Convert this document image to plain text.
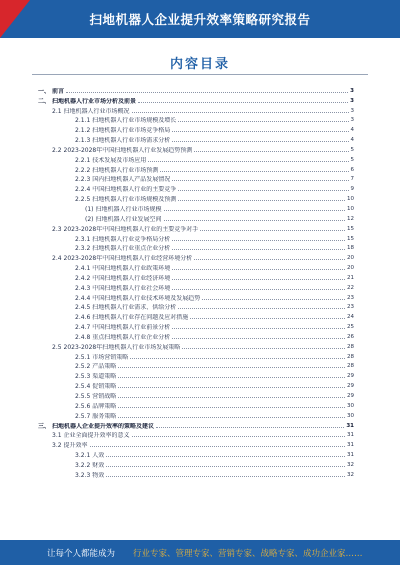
扫地机器人企业提升效率策略研究报告
内容目录
一、 前言	3
二、 扫地机器人行业市场分析及前景	3
2.1 扫地机器人行业市场概况	3
2.1.1 扫地机器人行业市场规模及增长	3
2.1.2 扫地机器人行业市场竞争格局	4
2.1.3 扫地机器人行业市场需求分析	4
2.2 2023-2028年中国扫地机器人行业发展趋势预测	5
2.2.1 技术发展及市场应用	5
2.2.2 扫地机器人行业市场预测	6
2.2.3 国内扫地机器人产品发展情况	7
2.2.4 中国扫地机器人行业的主要竞争	9
2.2.5 扫地机器人行业市场规模及预测	10
(1) 扫地机器人行业市场规模	10
(2) 扫地机器人行业发展空间	12
2.3 2023-2028年中国扫地机器人行业的主要竞争对手	15
2.3.1 扫地机器人行业竞争格局分析	15
2.3.2 扫地机器人行业重点企业分析	18
2.4 2023-2028年中国扫地机器人行业经营环境分析	20
2.4.1 中国扫地机器人行业政策环境	20
2.4.2 中国扫地机器人行业经济环境	21
2.4.3 中国扫地机器人行业社会环境	22
2.4.4 中国扫地机器人行业技术环境及发展趋势	23
2.4.5 扫地机器人行业需求、供给分析	23
2.4.6 扫地机器人行业存在问题及应对措施	24
2.4.7 中国扫地机器人行业前景分析	25
2.4.8 重点扫地机器人行业企业分析	26
2.5 2023-2028年扫地机器人行业市场发展策略	28
2.5.1 市场营销策略	28
2.5.2 产品策略	28
2.5.3 渠道策略	29
2.5.4 促销策略	29
2.5.5 营销战略	29
2.5.6 品牌策略	30
2.5.7 服务策略	30
三、 扫地机器人企业提升效率的策略及建议	31
3.1 企业全面提升效率的意义	31
3.2 提升效率	31
3.2.1 人效	31
3.2.2 财效	32
3.2.3 物效	32
让每个人都能成为 行业专家、管理专家、营销专家、战略专家、成功企业家……
